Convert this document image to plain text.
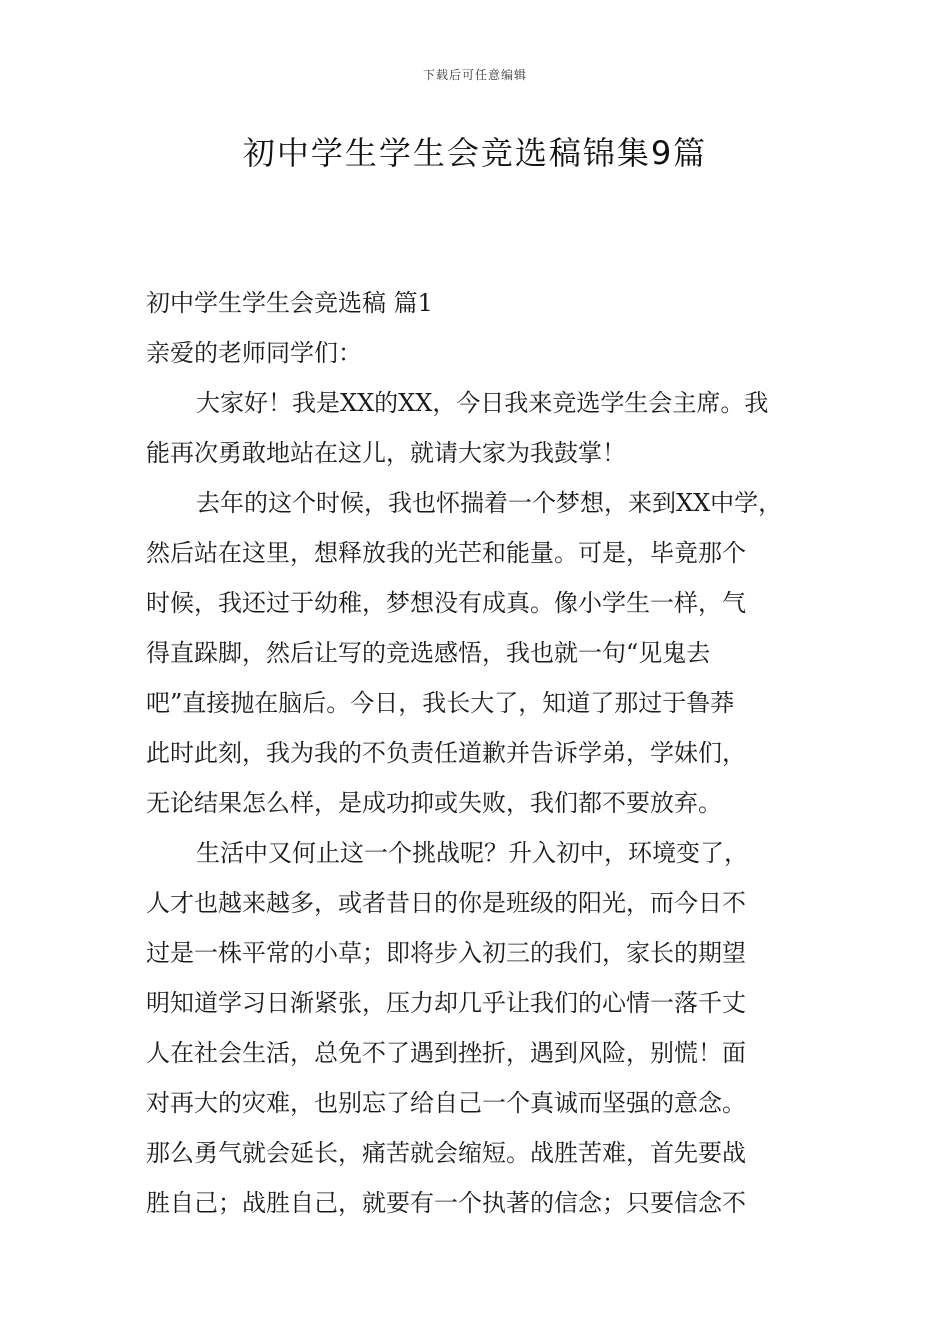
下载后可任意编辑
初中学生学生会竞选稿锦集9篇
初中学生学生会竞选稿 篇1
亲爱的老师同学们：
大家好！我是XX的XX，今日我来竞选学生会主席。我
能再次勇敢地站在这儿，就请大家为我鼓掌！
去年的这个时候，我也怀揣着一个梦想，来到XX中学，
然后站在这里，想释放我的光芒和能量。可是，毕竟那个
时候，我还过于幼稚，梦想没有成真。像小学生一样，气
得直跺脚，然后让写的竞选感悟，我也就一句“见鬼去
吧”直接抛在脑后。今日，我长大了，知道了那过于鲁莽
此时此刻，我为我的不负责任道歉并告诉学弟，学妹们，
无论结果怎么样，是成功抑或失败，我们都不要放弃。
生活中又何止这一个挑战呢？升入初中，环境变了，
人才也越来越多，或者昔日的你是班级的阳光，而今日不
过是一株平常的小草；即将步入初三的我们，家长的期望
明知道学习日渐紧张，压力却几乎让我们的心情一落千丈
人在社会生活，总免不了遇到挫折，遇到风险，别慌！面
对再大的灾难，也别忘了给自己一个真诚而坚强的意念。
那么勇气就会延长，痛苦就会缩短。战胜苦难，首先要战
胜自己；战胜自己，就要有一个执著的信念；只要信念不
